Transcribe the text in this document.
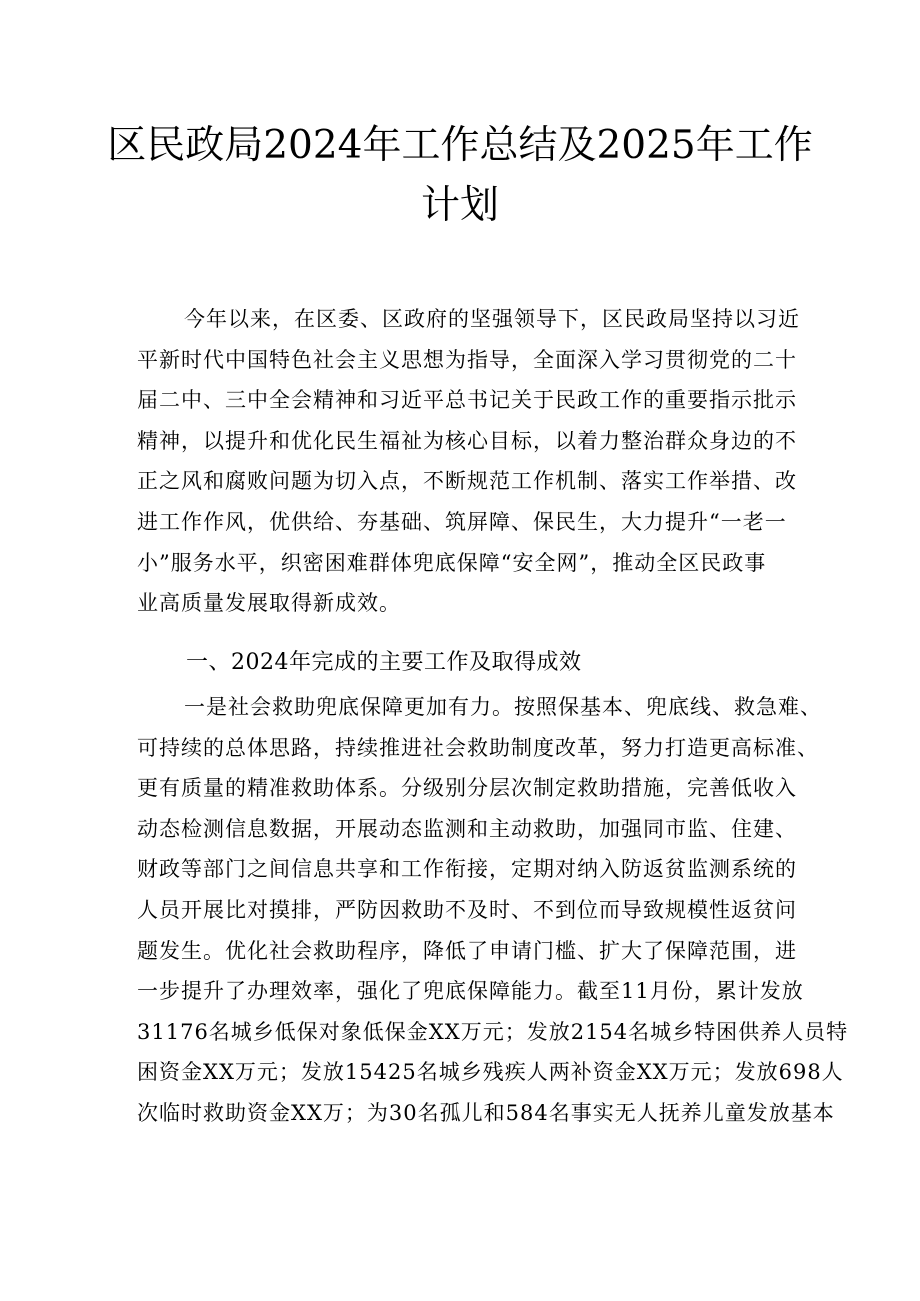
区民政局2024年工作总结及2025年工作
计划
今年以来，在区委、区政府的坚强领导下，区民政局坚持以习近
平新时代中国特色社会主义思想为指导，全面深入学习贯彻党的二十
届二中、三中全会精神和习近平总书记关于民政工作的重要指示批示
精神，以提升和优化民生福祉为核心目标，以着力整治群众身边的不
正之风和腐败问题为切入点，不断规范工作机制、落实工作举措、改
进工作作风，优供给、夯基础、筑屏障、保民生，大力提升“一老一
小”服务水平，织密困难群体兜底保障“安全网”，推动全区民政事
业高质量发展取得新成效。
一、2024年完成的主要工作及取得成效
一是社会救助兜底保障更加有力。按照保基本、兜底线、救急难、
可持续的总体思路，持续推进社会救助制度改革，努力打造更高标准、
更有质量的精准救助体系。分级别分层次制定救助措施，完善低收入
动态检测信息数据，开展动态监测和主动救助，加强同市监、住建、
财政等部门之间信息共享和工作衔接，定期对纳入防返贫监测系统的
人员开展比对摸排，严防因救助不及时、不到位而导致规模性返贫问
题发生。优化社会救助程序，降低了申请门槛、扩大了保障范围，进
一步提升了办理效率，强化了兜底保障能力。截至11月份，累计发放
31176名城乡低保对象低保金XX万元；发放2154名城乡特困供养人员特
困资金XX万元；发放15425名城乡残疾人两补资金XX万元；发放698人
次临时救助资金XX万；为30名孤儿和584名事实无人抚养儿童发放基本
